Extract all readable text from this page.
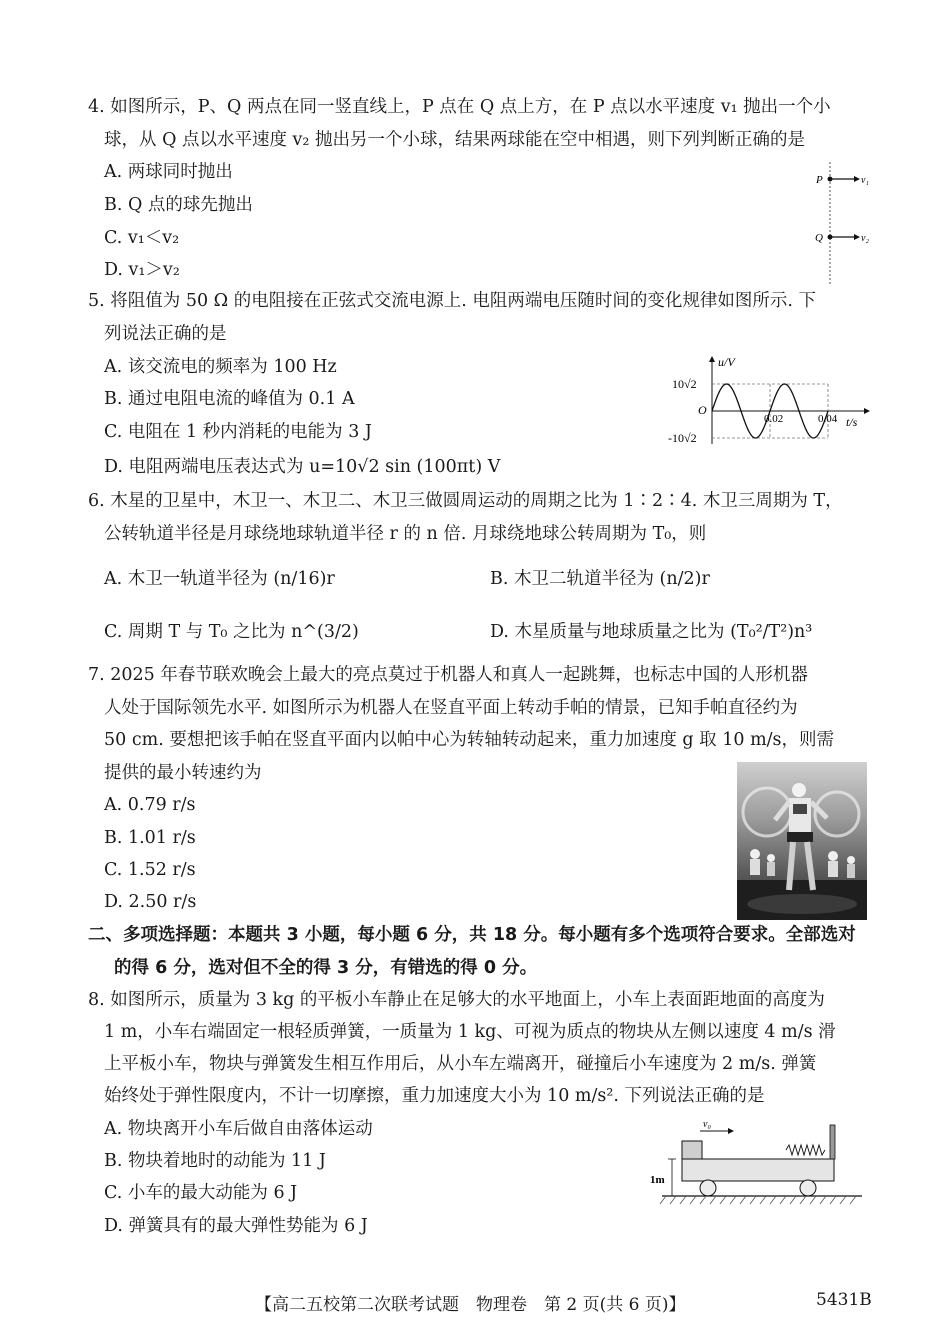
4. 如图所示，P、Q 两点在同一竖直线上，P 点在 Q 点上方，在 P 点以水平速度 v₁ 抛出一个小
球，从 Q 点以水平速度 v₂ 抛出另一个小球，结果两球能在空中相遇，则下列判断正确的是
A. 两球同时抛出
B. Q 点的球先抛出
C. v₁＜v₂
D. v₁＞v₂
P	v₁
Q	v₂
5. 将阻值为 50 Ω 的电阻接在正弦式交流电源上. 电阻两端电压随时间的变化规律如图所示. 下
列说法正确的是
A. 该交流电的频率为 100 Hz
B. 通过电阻电流的峰值为 0.1 A
C. 电阻在 1 秒内消耗的电能为 3 J
D. 电阻两端电压表达式为 u=10√2 sin (100πt) V
u/V
t/s
10√2
-10√2
O
0.02	0.04
6. 木星的卫星中，木卫一、木卫二、木卫三做圆周运动的周期之比为 1∶2∶4. 木卫三周期为 T，
公转轨道半径是月球绕地球轨道半径 r 的 n 倍. 月球绕地球公转周期为 T₀，则
A. 木卫一轨道半径为 (n/16)r	B. 木卫二轨道半径为 (n/2)r
C. 周期 T 与 T₀ 之比为 n^(3/2)	D. 木星质量与地球质量之比为 (T₀²/T²)n³
7. 2025 年春节联欢晚会上最大的亮点莫过于机器人和真人一起跳舞，也标志中国的人形机器
人处于国际领先水平. 如图所示为机器人在竖直平面上转动手帕的情景，已知手帕直径约为
50 cm. 要想把该手帕在竖直平面内以帕中心为转轴转动起来，重力加速度 g 取 10 m/s，则需
提供的最小转速约为
A. 0.79 r/s
B. 1.01 r/s
C. 1.52 r/s
D. 2.50 r/s
二、多项选择题：本题共 3 小题，每小题 6 分，共 18 分。每小题有多个选项符合要求。全部选对
的得 6 分，选对但不全的得 3 分，有错选的得 0 分。
8. 如图所示，质量为 3 kg 的平板小车静止在足够大的水平地面上，小车上表面距地面的高度为
1 m，小车右端固定一根轻质弹簧，一质量为 1 kg、可视为质点的物块从左侧以速度 4 m/s 滑
上平板小车，物块与弹簧发生相互作用后，从小车左端离开，碰撞后小车速度为 2 m/s. 弹簧
始终处于弹性限度内，不计一切摩擦，重力加速度大小为 10 m/s². 下列说法正确的是
A. 物块离开小车后做自由落体运动
B. 物块着地时的动能为 11 J
C. 小车的最大动能为 6 J
D. 弹簧具有的最大弹性势能为 6 J
v₀
1m
【高二五校第二次联考试题　物理卷　第 2 页(共 6 页)】	5431B
